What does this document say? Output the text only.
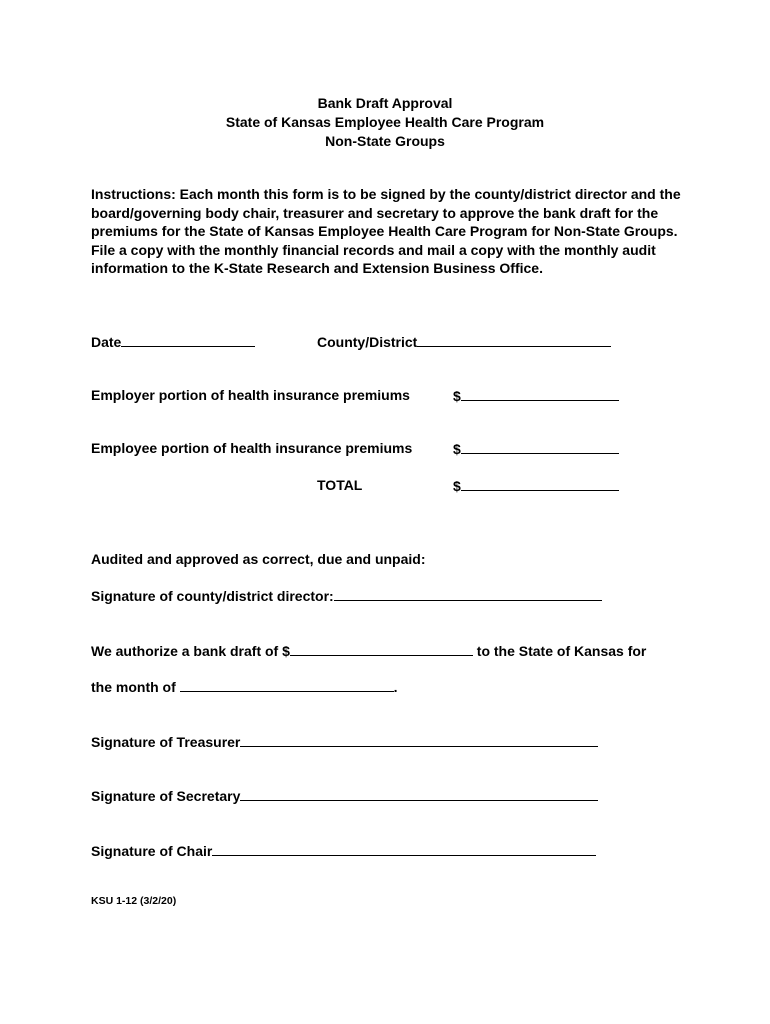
Bank Draft Approval
State of Kansas Employee Health Care Program
Non-State Groups
Instructions: Each month this form is to be signed by the county/district director and the board/governing body chair, treasurer and secretary to approve the bank draft for the premiums for the State of Kansas Employee Health Care Program for Non-State Groups. File a copy with the monthly financial records and mail a copy with the monthly audit information to the K-State Research and Extension Business Office.
Date	County/District
Employer portion of health insurance premiums	$
Employee portion of health insurance premiums	$
TOTAL	$
Audited and approved as correct, due and unpaid:
Signature of county/district director:
We authorize a bank draft of $	to the State of Kansas for
the month of	.
Signature of Treasurer
Signature of Secretary
Signature of Chair
KSU 1-12 (3/2/20)
